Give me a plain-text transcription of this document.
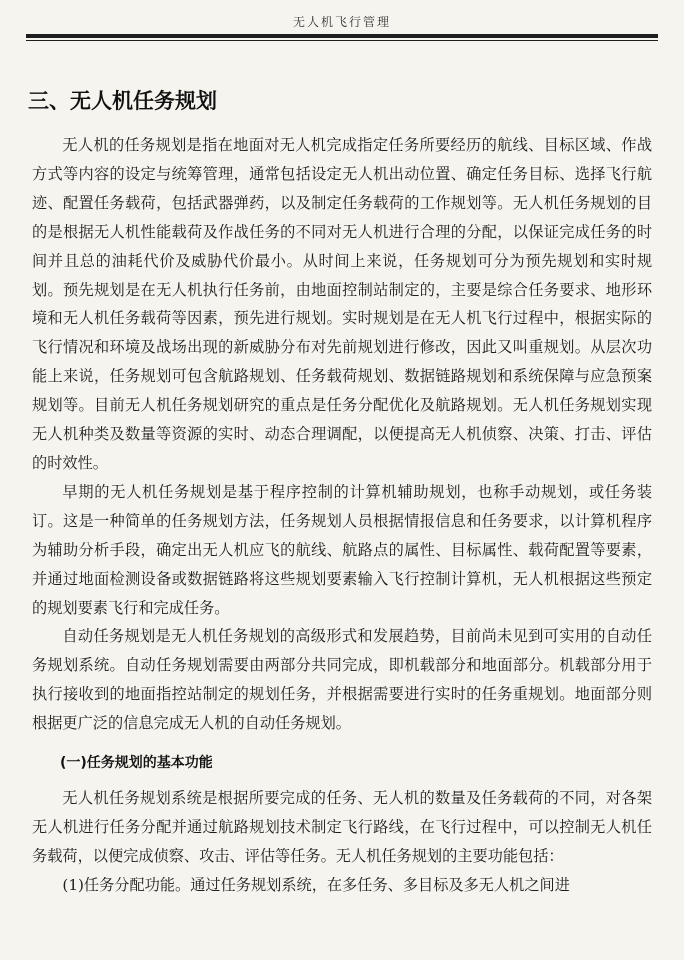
无人机飞行管理
三、无人机任务规划

无人机的任务规划是指在地面对无人机完成指定任务所要经历的航线、目标区域、作战方式等内容的设定与统筹管理，通常包括设定无人机出动位置、确定任务目标、选择飞行航迹、配置任务载荷，包括武器弹药，以及制定任务载荷的工作规划等。无人机任务规划的目的是根据无人机性能载荷及作战任务的不同对无人机进行合理的分配，以保证完成任务的时间并且总的油耗代价及威胁代价最小。从时间上来说，任务规划可分为预先规划和实时规划。预先规划是在无人机执行任务前，由地面控制站制定的，主要是综合任务要求、地形环境和无人机任务载荷等因素，预先进行规划。实时规划是在无人机飞行过程中，根据实际的飞行情况和环境及战场出现的新威胁分布对先前规划进行修改，因此又叫重规划。从层次功能上来说，任务规划可包含航路规划、任务载荷规划、数据链路规划和系统保障与应急预案规划等。目前无人机任务规划研究的重点是任务分配优化及航路规划。无人机任务规划实现无人机种类及数量等资源的实时、动态合理调配，以便提高无人机侦察、决策、打击、评估的时效性。

早期的无人机任务规划是基于程序控制的计算机辅助规划，也称手动规划，或任务装订。这是一种简单的任务规划方法，任务规划人员根据情报信息和任务要求，以计算机程序为辅助分析手段，确定出无人机应飞的航线、航路点的属性、目标属性、载荷配置等要素，并通过地面检测设备或数据链路将这些规划要素输入飞行控制计算机，无人机根据这些预定的规划要素飞行和完成任务。

自动任务规划是无人机任务规划的高级形式和发展趋势，目前尚未见到可实用的自动任务规划系统。自动任务规划需要由两部分共同完成，即机载部分和地面部分。机载部分用于执行接收到的地面指控站制定的规划任务，并根据需要进行实时的任务重规划。地面部分则根据更广泛的信息完成无人机的自动任务规划。

(一)任务规划的基本功能

无人机任务规划系统是根据所要完成的任务、无人机的数量及任务载荷的不同，对各架无人机进行任务分配并通过航路规划技术制定飞行路线，在飞行过程中，可以控制无人机任务载荷，以便完成侦察、攻击、评估等任务。无人机任务规划的主要功能包括：

(1)任务分配功能。通过任务规划系统，在多任务、多目标及多无人机之间进
